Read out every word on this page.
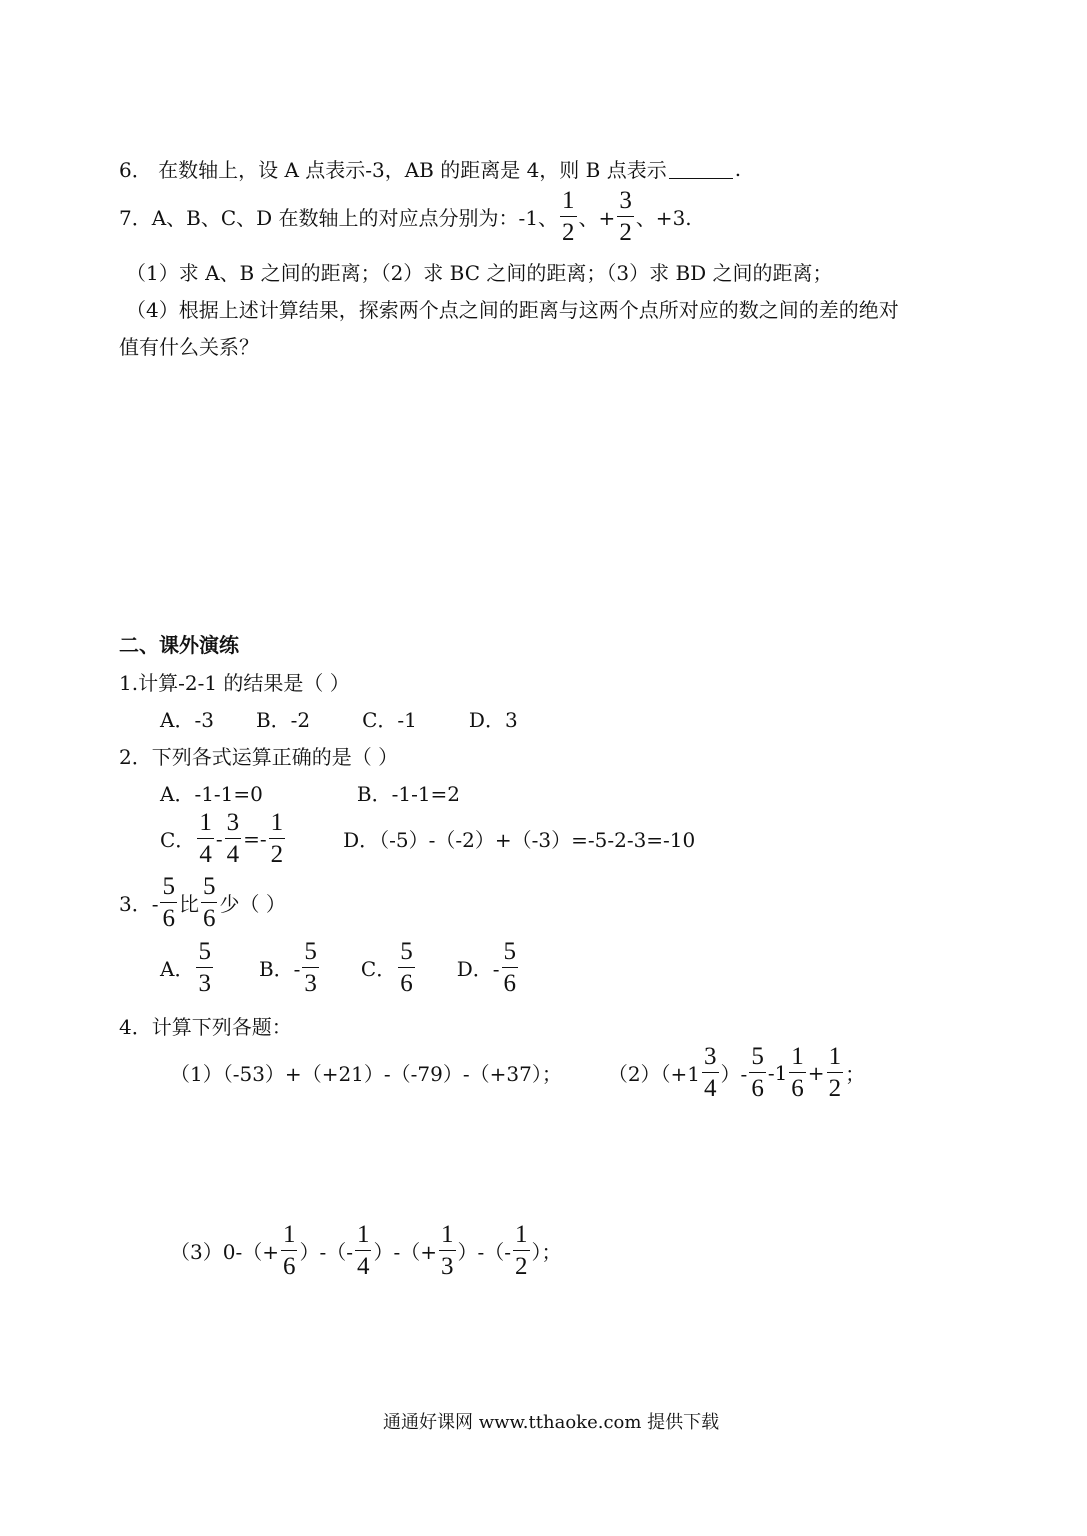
6． 在数轴上，设 A 点表示-3，AB 的距离是 4，则 B 点表示	.
7．A、B、C、D 在数轴上的对应点分别为：-1、 $\frac{1}{2}$ 、+ $\frac{3}{2}$ 、+3.
（1）求 A、B 之间的距离；（2）求 BC 之间的距离；（3）求 BD 之间的距离；
（4）根据上述计算结果，探索两个点之间的距离与这两个点所对应的数之间的差的绝对
值有什么关系？
二、课外演练
1.计算-2-1 的结果是（ ）
A．-3 B．-2	C．-1	D．3
2．下列各式运算正确的是（ ）
A．-1-1=0	B．-1-1=2
C． $\frac{1}{4} - \frac{3}{4} =- \frac{1}{2}$	D．（-5）-（-2）+（-3）=-5-2-3=-10
3．- $\frac{5}{6}$ 比 $\frac{5}{6}$ 少（ ）
A． $\frac{5}{3}$ B．- $\frac{5}{3}$ C． $\frac{5}{6}$ D．- $\frac{5}{6}$
4．计算下列各题：
（1）（-53）+（+21）-（-79）-（+37）； $(2)(+1 \frac{3}{4}$ ）- $\frac{5}{6} -1 \frac{1}{6} + \frac{1}{2}$ ；
$(3)0-(+ \frac{1}{6}$ ）-（- $\frac{1}{4}$ ）-（+ $\frac{1}{3}$ ）-（- $\frac{1}{2}$ ）；
通通好课网 www.tthaoke.com 提供下载
